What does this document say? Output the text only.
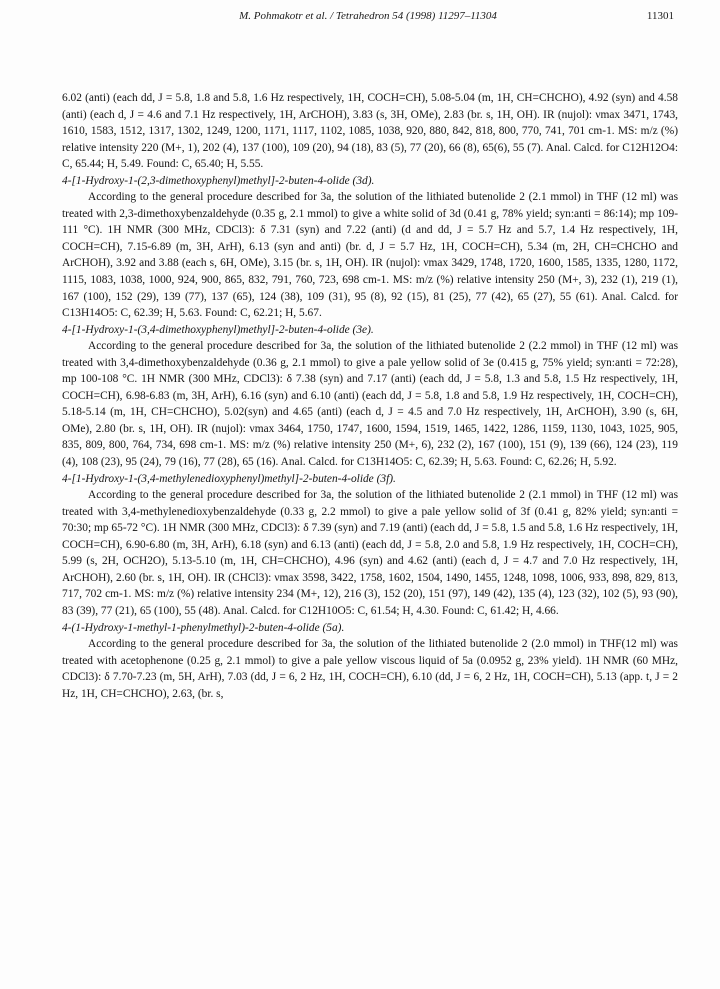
M. Pohmakotr et al. / Tetrahedron 54 (1998) 11297–11304	11301

6.02 (anti) (each dd, J = 5.8, 1.8 and 5.8, 1.6 Hz respectively, 1H, COCH=CH), 5.08-5.04 (m, 1H, CH=CHCHO), 4.92 (syn) and 4.58 (anti) (each d, J = 4.6 and 7.1 Hz respectively, 1H, ArCHOH), 3.83 (s, 3H, OMe), 2.83 (br. s, 1H, OH). IR (nujol): νmax 3471, 1743, 1610, 1583, 1512, 1317, 1302, 1249, 1200, 1171, 1117, 1102, 1085, 1038, 920, 880, 842, 818, 800, 770, 741, 701 cm-1. MS: m/z (%) relative intensity 220 (M+, 1), 202 (4), 137 (100), 109 (20), 94 (18), 83 (5), 77 (20), 66 (8), 65(6), 55 (7). Anal. Calcd. for C12H12O4: C, 65.44; H, 5.49. Found: C, 65.40; H, 5.55.

4-[1-Hydroxy-1-(2,3-dimethoxyphenyl)methyl]-2-buten-4-olide (3d).

According to the general procedure described for 3a, the solution of the lithiated butenolide 2 (2.1 mmol) in THF (12 ml) was treated with 2,3-dimethoxybenzaldehyde (0.35 g, 2.1 mmol) to give a white solid of 3d (0.41 g, 78% yield; syn:anti = 86:14); mp 109-111 °C). 1H NMR (300 MHz, CDCl3): δ 7.31 (syn) and 7.22 (anti) (d and dd, J = 5.7 Hz and 5.7, 1.4 Hz respectively, 1H, COCH=CH), 7.15-6.89 (m, 3H, ArH), 6.13 (syn and anti) (br. d, J = 5.7 Hz, 1H, COCH=CH), 5.34 (m, 2H, CH=CHCHO and ArCHOH), 3.92 and 3.88 (each s, 6H, OMe), 3.15 (br. s, 1H, OH). IR (nujol): νmax 3429, 1748, 1720, 1600, 1585, 1335, 1280, 1172, 1115, 1083, 1038, 1000, 924, 900, 865, 832, 791, 760, 723, 698 cm-1. MS: m/z (%) relative intensity 250 (M+, 3), 232 (1), 219 (1), 167 (100), 152 (29), 139 (77), 137 (65), 124 (38), 109 (31), 95 (8), 92 (15), 81 (25), 77 (42), 65 (27), 55 (61). Anal. Calcd. for C13H14O5: C, 62.39; H, 5.63. Found: C, 62.21; H, 5.67.

4-[1-Hydroxy-1-(3,4-dimethoxyphenyl)methyl]-2-buten-4-olide (3e).

According to the general procedure described for 3a, the solution of the lithiated butenolide 2 (2.2 mmol) in THF (12 ml) was treated with 3,4-dimethoxybenzaldehyde (0.36 g, 2.1 mmol) to give a pale yellow solid of 3e (0.415 g, 75% yield; syn:anti = 72:28), mp 100-108 °C. 1H NMR (300 MHz, CDCl3): δ 7.38 (syn) and 7.17 (anti) (each dd, J = 5.8, 1.3 and 5.8, 1.5 Hz respectively, 1H, COCH=CH), 6.98-6.83 (m, 3H, ArH), 6.16 (syn) and 6.10 (anti) (each dd, J = 5.8, 1.8 and 5.8, 1.9 Hz respectively, 1H, COCH=CH), 5.18-5.14 (m, 1H, CH=CHCHO), 5.02(syn) and 4.65 (anti) (each d, J = 4.5 and 7.0 Hz respectively, 1H, ArCHOH), 3.90 (s, 6H, OMe), 2.80 (br. s, 1H, OH). IR (nujol): νmax 3464, 1750, 1747, 1600, 1594, 1519, 1465, 1422, 1286, 1159, 1130, 1043, 1025, 905, 835, 809, 800, 764, 734, 698 cm-1. MS: m/z (%) relative intensity 250 (M+, 6), 232 (2), 167 (100), 151 (9), 139 (66), 124 (23), 119 (4), 108 (23), 95 (24), 79 (16), 77 (28), 65 (16). Anal. Calcd. for C13H14O5: C, 62.39; H, 5.63. Found: C, 62.26; H, 5.92.

4-[1-Hydroxy-1-(3,4-methylenedioxyphenyl)methyl]-2-buten-4-olide (3f).

According to the general procedure described for 3a, the solution of the lithiated butenolide 2 (2.1 mmol) in THF (12 ml) was treated with 3,4-methylenedioxybenzaldehyde (0.33 g, 2.2 mmol) to give a pale yellow solid of 3f (0.41 g, 82% yield; syn:anti = 70:30; mp 65-72 °C). 1H NMR (300 MHz, CDCl3): δ 7.39 (syn) and 7.19 (anti) (each dd, J = 5.8, 1.5 and 5.8, 1.6 Hz respectively, 1H, COCH=CH), 6.90-6.80 (m, 3H, ArH), 6.18 (syn) and 6.13 (anti) (each dd, J = 5.8, 2.0 and 5.8, 1.9 Hz respectively, 1H, COCH=CH), 5.99 (s, 2H, OCH2O), 5.13-5.10 (m, 1H, CH=CHCHO), 4.96 (syn) and 4.62 (anti) (each d, J = 4.7 and 7.0 Hz respectively, 1H, ArCHOH), 2.60 (br. s, 1H, OH). IR (CHCl3): νmax 3598, 3422, 1758, 1602, 1504, 1490, 1455, 1248, 1098, 1006, 933, 898, 829, 813, 717, 702 cm-1. MS: m/z (%) relative intensity 234 (M+, 12), 216 (3), 152 (20), 151 (97), 149 (42), 135 (4), 123 (32), 102 (5), 93 (90), 83 (39), 77 (21), 65 (100), 55 (48). Anal. Calcd. for C12H10O5: C, 61.54; H, 4.30. Found: C, 61.42; H, 4.66.

4-(1-Hydroxy-1-methyl-1-phenylmethyl)-2-buten-4-olide (5a).

According to the general procedure described for 3a, the solution of the lithiated butenolide 2 (2.0 mmol) in THF(12 ml) was treated with acetophenone (0.25 g, 2.1 mmol) to give a pale yellow viscous liquid of 5a (0.0952 g, 23% yield). 1H NMR (60 MHz, CDCl3): δ 7.70-7.23 (m, 5H, ArH), 7.03 (dd, J = 6, 2 Hz, 1H, COCH=CH), 6.10 (dd, J = 6, 2 Hz, 1H, COCH=CH), 5.13 (app. t, J = 2 Hz, 1H, CH=CHCHO), 2.63, (br. s,
